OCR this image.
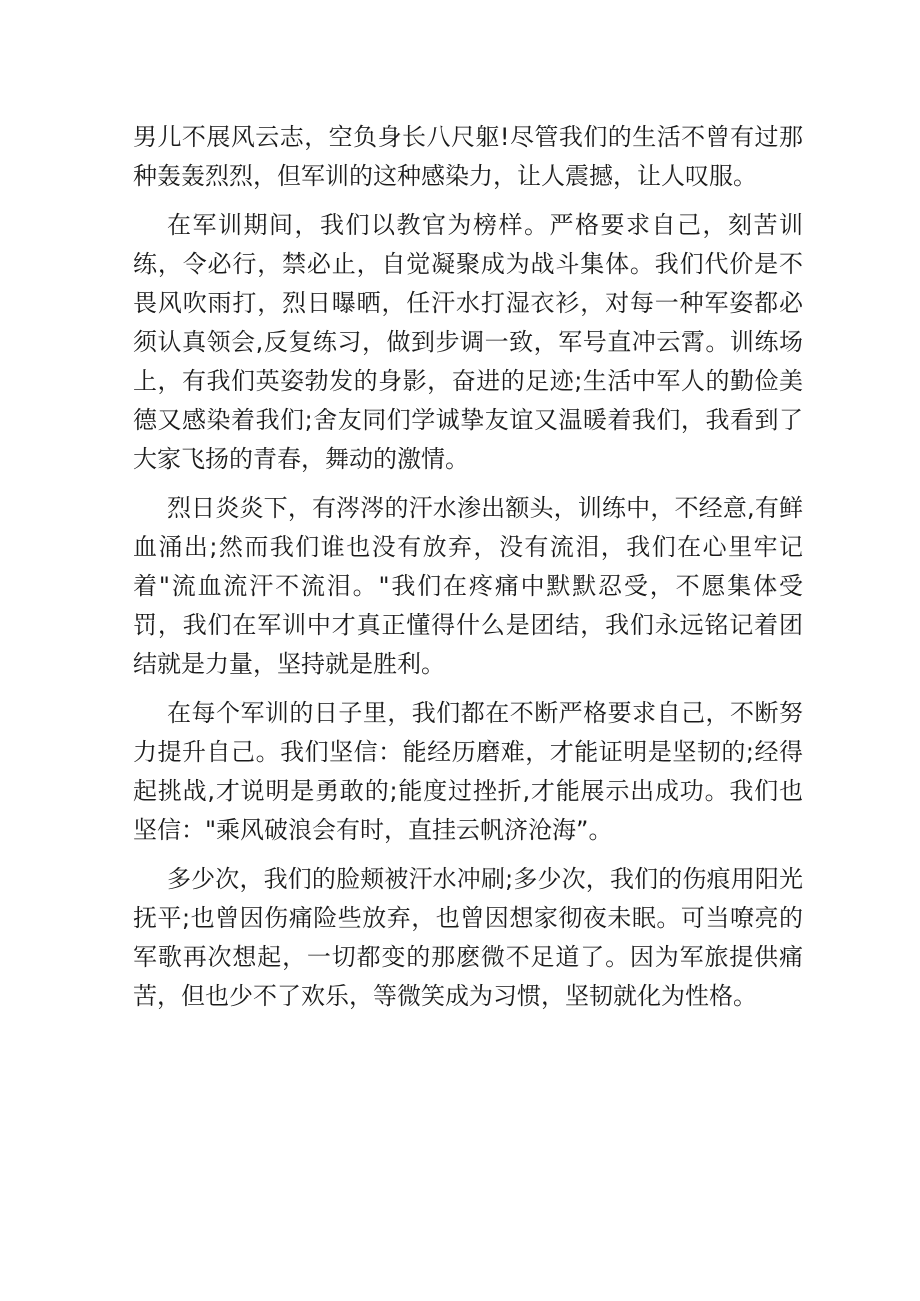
男儿不展风云志，空负身长八尺躯!尽管我们的生活不曾有过那种轰轰烈烈，但军训的这种感染力，让人震撼，让人叹服。

在军训期间，我们以教官为榜样。严格要求自己，刻苦训练，令必行，禁必止，自觉凝聚成为战斗集体。我们代价是不畏风吹雨打，烈日曝晒，任汗水打湿衣衫，对每一种军姿都必须认真领会,反复练习，做到步调一致，军号直冲云霄。训练场上，有我们英姿勃发的身影，奋进的足迹;生活中军人的勤俭美德又感染着我们;舍友同们学诚挚友谊又温暖着我们，我看到了大家飞扬的青春，舞动的激情。

烈日炎炎下，有涔涔的汗水渗出额头，训练中，不经意,有鲜血涌出;然而我们谁也没有放弃，没有流泪，我们在心里牢记着"流血流汗不流泪。"我们在疼痛中默默忍受，不愿集体受罚，我们在军训中才真正懂得什么是团结，我们永远铭记着团结就是力量，坚持就是胜利。

在每个军训的日子里，我们都在不断严格要求自己，不断努力提升自己。我们坚信：能经历磨难，才能证明是坚韧的;经得起挑战,才说明是勇敢的;能度过挫折,才能展示出成功。我们也坚信："乘风破浪会有时，直挂云帆济沧海”。

多少次，我们的脸颊被汗水冲刷;多少次，我们的伤痕用阳光抚平;也曾因伤痛险些放弃，也曾因想家彻夜未眠。可当嘹亮的军歌再次想起，一切都变的那麽微不足道了。因为军旅提供痛苦，但也少不了欢乐，等微笑成为习惯，坚韧就化为性格。
